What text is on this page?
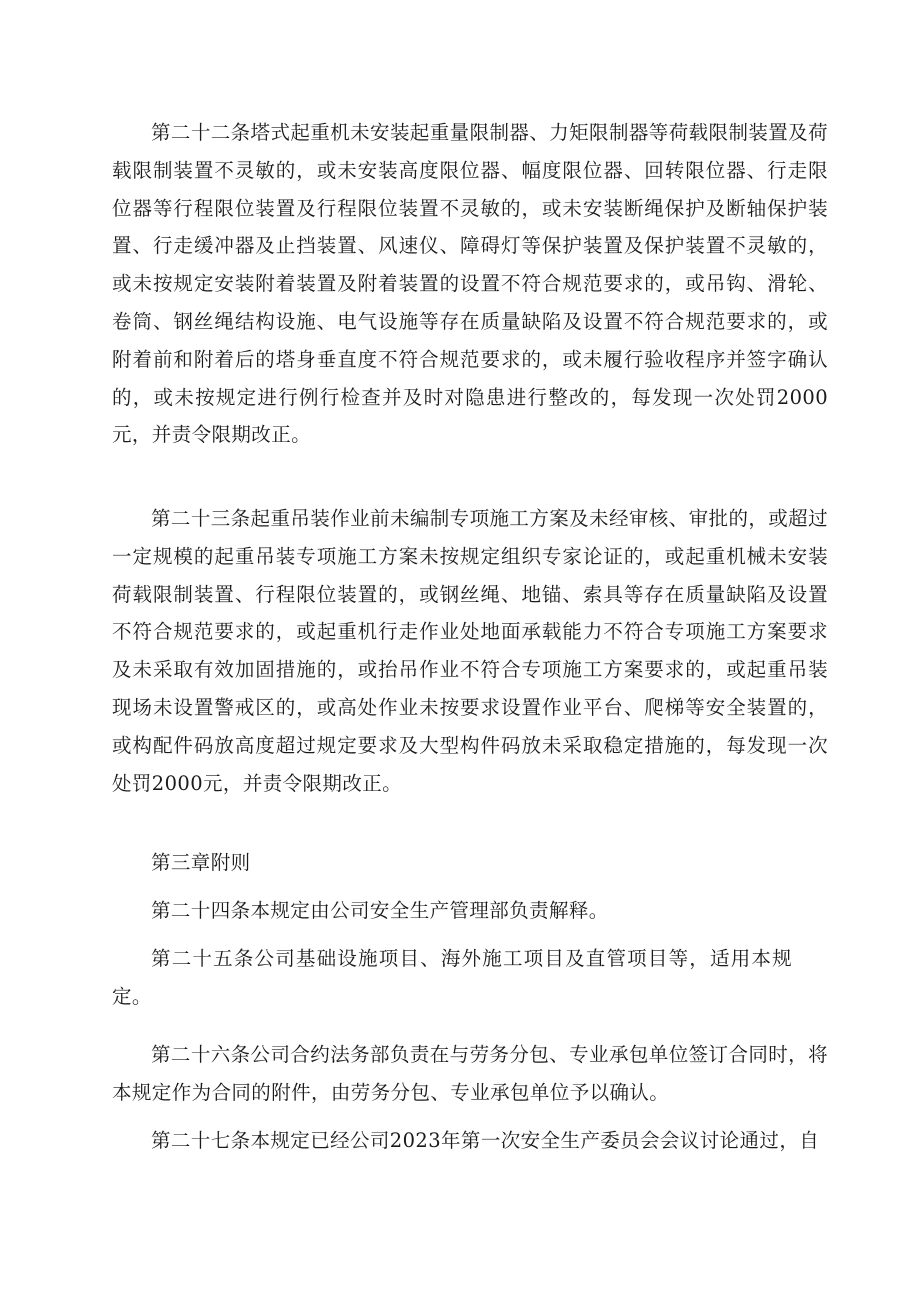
第二十二条塔式起重机未安装起重量限制器、力矩限制器等荷载限制装置及荷载限制装置不灵敏的，或未安装高度限位器、幅度限位器、回转限位器、行走限位器等行程限位装置及行程限位装置不灵敏的，或未安装断绳保护及断轴保护装置、行走缓冲器及止挡装置、风速仪、障碍灯等保护装置及保护装置不灵敏的，或未按规定安装附着装置及附着装置的设置不符合规范要求的，或吊钩、滑轮、卷筒、钢丝绳结构设施、电气设施等存在质量缺陷及设置不符合规范要求的，或附着前和附着后的塔身垂直度不符合规范要求的，或未履行验收程序并签字确认的，或未按规定进行例行检查并及时对隐患进行整改的，每发现一次处罚2000元，并责令限期改正。

第二十三条起重吊装作业前未编制专项施工方案及未经审核、审批的，或超过一定规模的起重吊装专项施工方案未按规定组织专家论证的，或起重机械未安装荷载限制装置、行程限位装置的，或钢丝绳、地锚、索具等存在质量缺陷及设置不符合规范要求的，或起重机行走作业处地面承载能力不符合专项施工方案要求及未采取有效加固措施的，或抬吊作业不符合专项施工方案要求的，或起重吊装现场未设置警戒区的，或高处作业未按要求设置作业平台、爬梯等安全装置的，或构配件码放高度超过规定要求及大型构件码放未采取稳定措施的，每发现一次处罚2000元，并责令限期改正。

第三章附则

第二十四条本规定由公司安全生产管理部负责解释。

第二十五条公司基础设施项目、海外施工项目及直管项目等，适用本规定。

第二十六条公司合约法务部负责在与劳务分包、专业承包单位签订合同时，将本规定作为合同的附件，由劳务分包、专业承包单位予以确认。

第二十七条本规定已经公司2023年第一次安全生产委员会会议讨论通过，自
